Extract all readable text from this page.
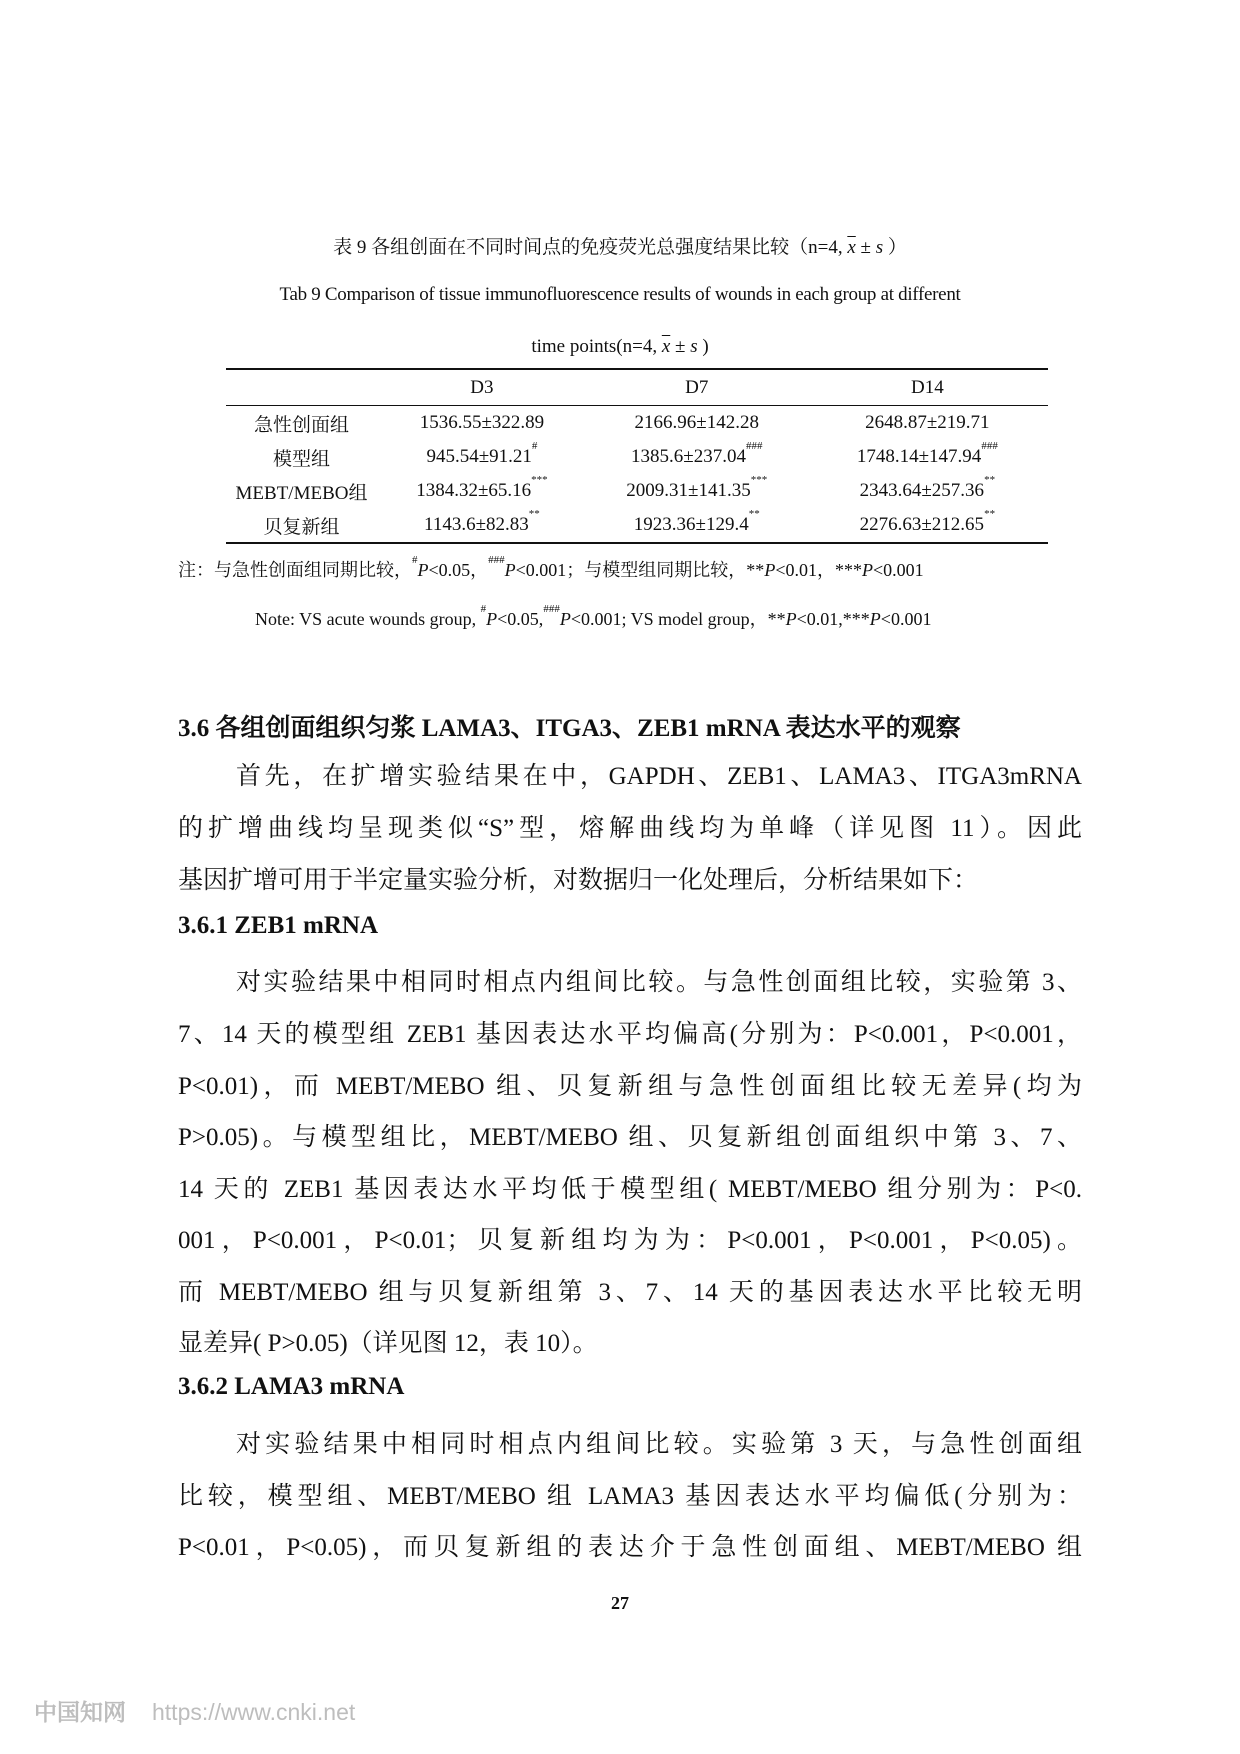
表 9 各组创面在不同时间点的免疫荧光总强度结果比较（n=4, $\overline{x} \pm s$ ）
Tab 9 Comparison of tissue immunofluorescence results of wounds in each group at different
time points(n=4, $\overline{x} \pm s$ )
	D3	D7	D14
急性创面组	1536.55±322.89	2166.96±142.28	2648.87±219.71
模型组	945.54±91.21#	1385.6±237.04###	1748.14±147.94###
MEBT/MEBO组	1384.32±65.16***	2009.31±141.35***	2343.64±257.36**
贝复新组	1143.6±82.83**	1923.36±129.4**	2276.63±212.65**
注：与急性创面组同期比较，#P<0.05，###P<0.001；与模型组同期比较，**P<0.01，***P<0.001
Note: VS acute wounds group, #P<0.05,###P<0.001; VS model group，**P<0.01,***P<0.001
3.6 各组创面组织匀浆 LAMA3、ITGA3、ZEB1 mRNA 表达水平的观察
首先，在扩增实验结果在中，GAPDH、ZEB1、LAMA3、ITGA3mRNA
的扩增曲线均呈现类似“S”型，熔解曲线均为单峰（详见图 11）。因此
基因扩增可用于半定量实验分析，对数据归一化处理后，分析结果如下：
3.6.1 ZEB1 mRNA
对实验结果中相同时相点内组间比较。与急性创面组比较，实验第 3、
7、14 天的模型组 ZEB1 基因表达水平均偏高(分别为：P<0.001，P<0.001，
P<0.01)，而 MEBT/MEBO 组、贝复新组与急性创面组比较无差异(均为
P>0.05)。与模型组比，MEBT/MEBO 组、贝复新组创面组织中第 3、7、
14 天的 ZEB1 基因表达水平均低于模型组( MEBT/MEBO 组分别为：P<0.
001，P<0.001，P<0.01；贝复新组均为为：P<0.001，P<0.001，P<0.05)。
而 MEBT/MEBO 组与贝复新组第 3、7、14 天的基因表达水平比较无明
显差异( P>0.05)（详见图 12，表 10）。
3.6.2 LAMA3 mRNA
对实验结果中相同时相点内组间比较。实验第 3 天，与急性创面组
比较，模型组、MEBT/MEBO 组 LAMA3 基因表达水平均偏低(分别为：
P<0.01，P<0.05)，而贝复新组的表达介于急性创面组、MEBT/MEBO 组
27
中国知网 https://www.cnki.net
